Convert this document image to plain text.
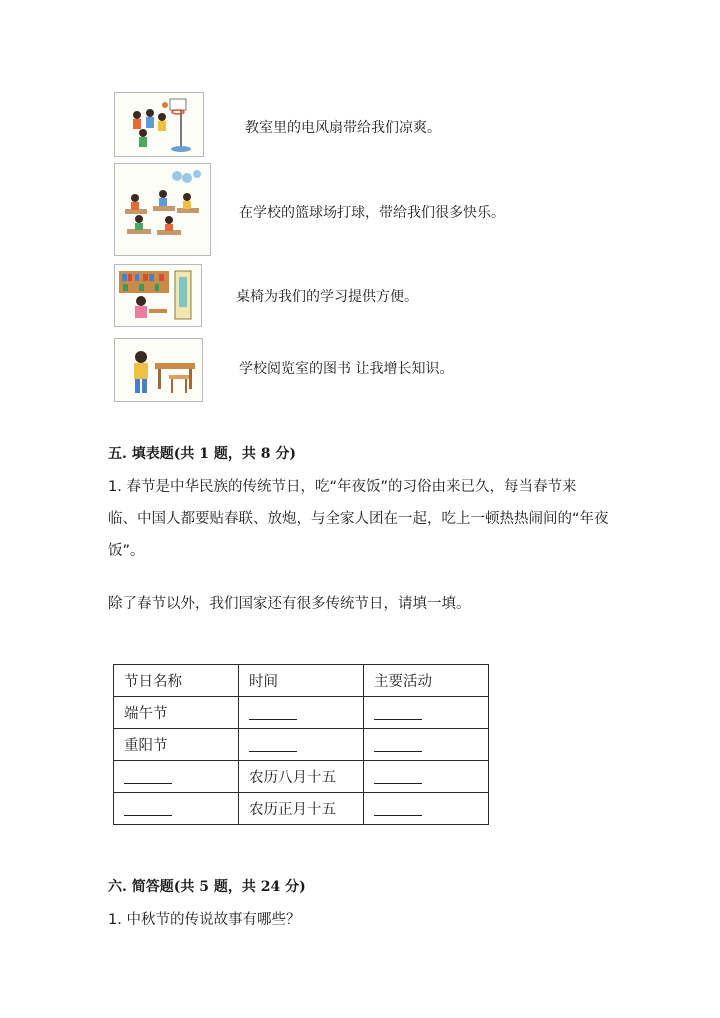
教室里的电风扇带给我们凉爽。
在学校的篮球场打球，带给我们很多快乐。
桌椅为我们的学习提供方便。
学校阅览室的图书 让我增长知识。
五. 填表题(共 1 题，共 8 分)
1. 春节是中华民族的传统节日，吃“年夜饭”的习俗由来已久，每当春节来
临、中国人都要贴春联、放炮，与全家人团在一起，吃上一顿热热闹间的“年夜
饭”。
除了春节以外，我们国家还有很多传统节日，请填一填。
节日名称	时间	主要活动
端午节		
重阳节		
	农历八月十五	
	农历正月十五	
六. 简答题(共 5 题，共 24 分)
1. 中秋节的传说故事有哪些？
